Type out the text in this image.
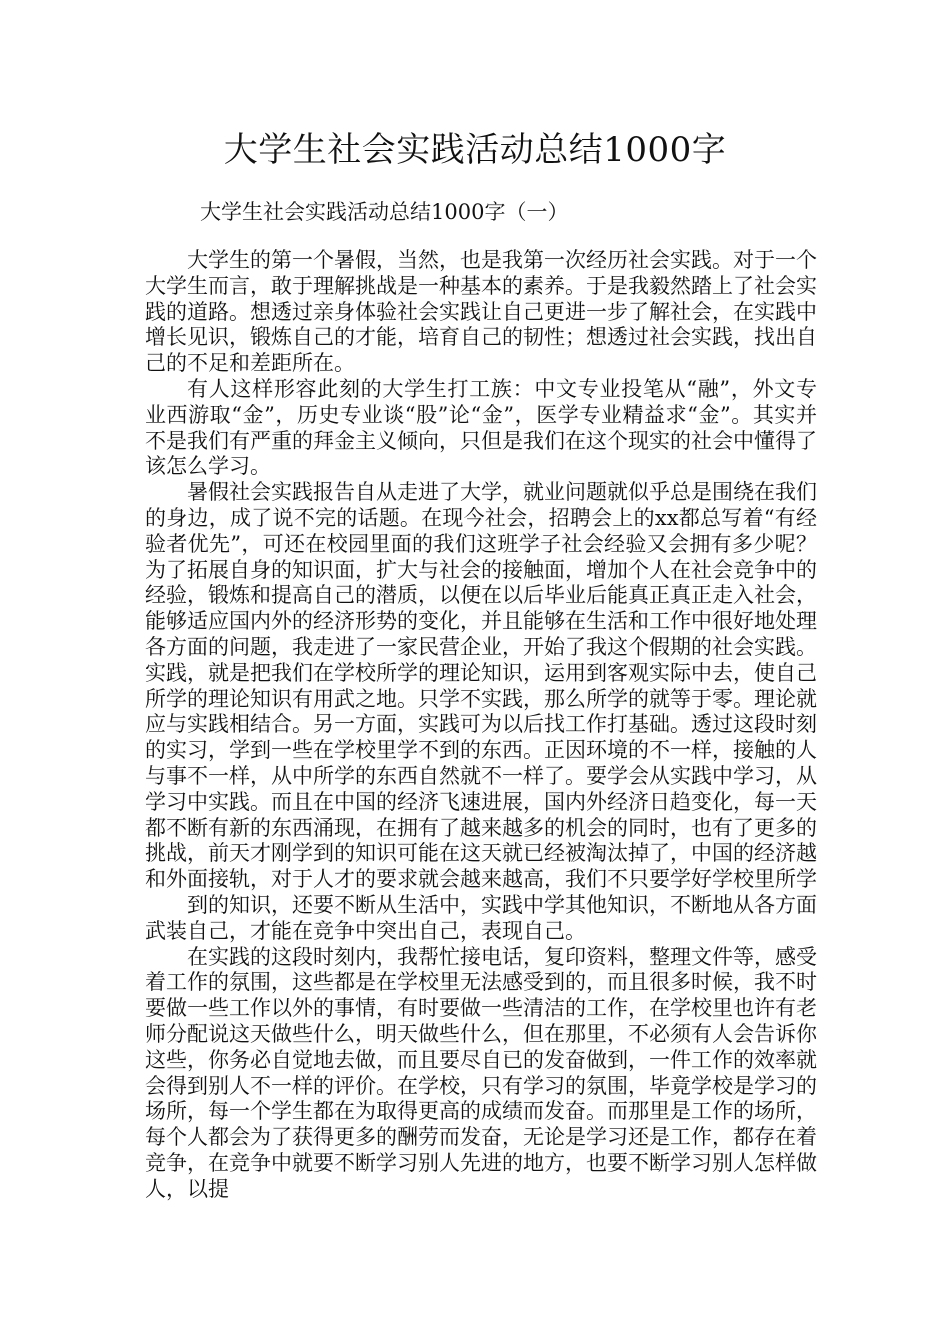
大学生社会实践活动总结1000字
大学生社会实践活动总结1000字（一）

大学生的第一个暑假，当然，也是我第一次经历社会实践。对于一个大学生而言，敢于理解挑战是一种基本的素养。于是我毅然踏上了社会实践的道路。想透过亲身体验社会实践让自己更进一步了解社会，在实践中增长见识，锻炼自己的才能，培育自己的韧性；想透过社会实践，找出自己的不足和差距所在。

有人这样形容此刻的大学生打工族：中文专业投笔从“融”，外文专业西游取“金”，历史专业谈“股”论“金”，医学专业精益求“金”。其实并不是我们有严重的拜金主义倾向，只但是我们在这个现实的社会中懂得了该怎么学习。

暑假社会实践报告自从走进了大学，就业问题就似乎总是围绕在我们的身边，成了说不完的话题。在现今社会，招聘会上的xx都总写着“有经验者优先”，可还在校园里面的我们这班学子社会经验又会拥有多少呢？为了拓展自身的知识面，扩大与社会的接触面，增加个人在社会竞争中的经验，锻炼和提高自己的潜质，以便在以后毕业后能真正真正走入社会，能够适应国内外的经济形势的变化，并且能够在生活和工作中很好地处理各方面的问题，我走进了一家民营企业，开始了我这个假期的社会实践。实践，就是把我们在学校所学的理论知识，运用到客观实际中去，使自己所学的理论知识有用武之地。只学不实践，那么所学的就等于零。理论就应与实践相结合。另一方面，实践可为以后找工作打基础。透过这段时刻的实习，学到一些在学校里学不到的东西。正因环境的不一样，接触的人与事不一样，从中所学的东西自然就不一样了。要学会从实践中学习，从学习中实践。而且在中国的经济飞速进展，国内外经济日趋变化，每一天都不断有新的东西涌现，在拥有了越来越多的机会的同时，也有了更多的挑战，前天才刚学到的知识可能在这天就已经被淘汰掉了，中国的经济越和外面接轨，对于人才的要求就会越来越高，我们不只要学好学校里所学

到的知识，还要不断从生活中，实践中学其他知识，不断地从各方面武装自己，才能在竞争中突出自己，表现自己。

在实践的这段时刻内，我帮忙接电话，复印资料，整理文件等，感受着工作的氛围，这些都是在学校里无法感受到的，而且很多时候，我不时要做一些工作以外的事情，有时要做一些清洁的工作，在学校里也许有老师分配说这天做些什么，明天做些什么，但在那里，不必须有人会告诉你这些，你务必自觉地去做，而且要尽自已的发奋做到，一件工作的效率就会得到别人不一样的评价。在学校，只有学习的氛围，毕竟学校是学习的场所，每一个学生都在为取得更高的成绩而发奋。而那里是工作的场所，每个人都会为了获得更多的酬劳而发奋，无论是学习还是工作，都存在着竞争，在竞争中就要不断学习别人先进的地方，也要不断学习别人怎样做人，以提
